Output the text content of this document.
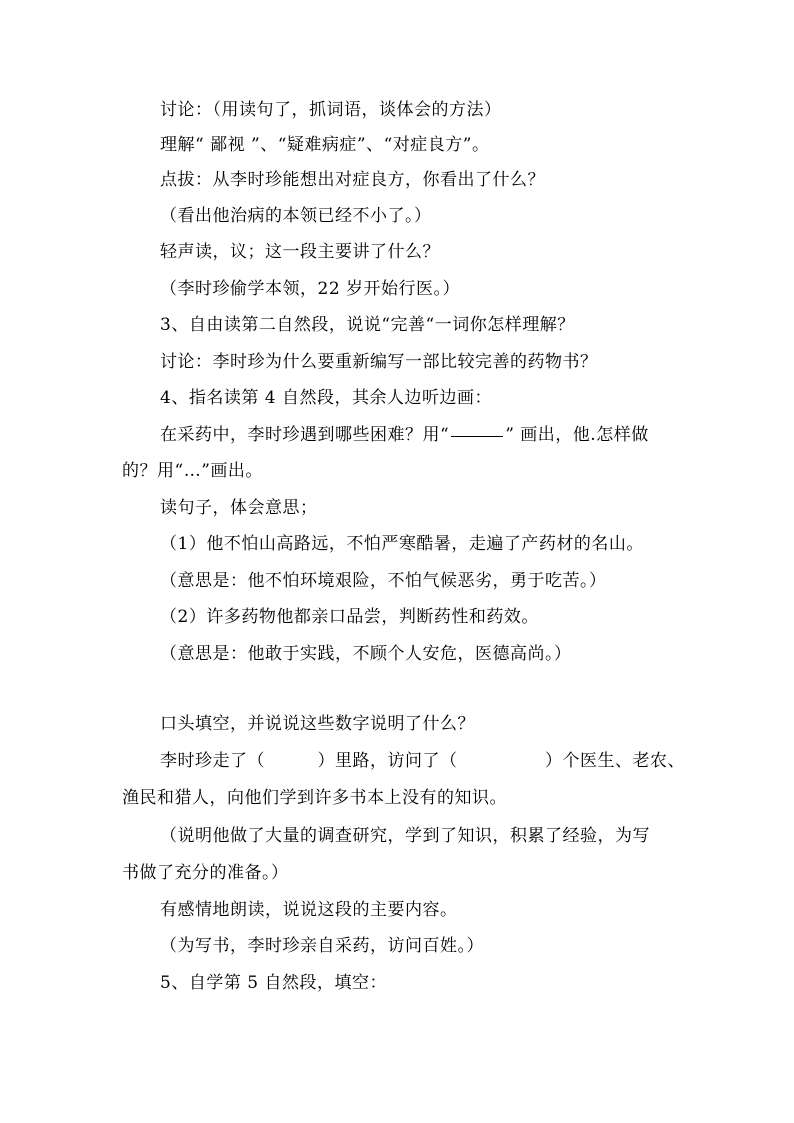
讨论：（用读句了，抓词语，谈体会的方法）
理解“ 鄙视 ”、“疑难病症”、“对症良方”。
点拔：从李时珍能想出对症良方，你看出了什么？
（看出他治病的本领已经不小了。）
轻声读，议；这一段主要讲了什么？
（李时珍偷学本领，22 岁开始行医。）
3、自由读第二自然段，说说“完善“一词你怎样理解？
讨论：李时珍为什么要重新编写一部比较完善的药物书？
4、指名读第 4 自然段，其余人边听边画：
在采药中，李时珍遇到哪些困难？用“	” 画出，他.怎样做
的？用“…”画出。
读句子，体会意思；
（1）他不怕山高路远，不怕严寒酷暑，走遍了产药材的名山。
（意思是：他不怕环境艰险，不怕气候恶劣，勇于吃苦。）
（2）许多药物他都亲口品尝，判断药性和药效。
（意思是：他敢于实践，不顾个人安危，医德高尚。）
口头填空，并说说这些数字说明了什么？
李时珍走了（　　　）里路，访问了（　　　　　）个医生、老农、
渔民和猎人，向他们学到许多书本上没有的知识。
（说明他做了大量的调查研究，学到了知识，积累了经验，为写
书做了充分的准备。）
有感情地朗读，说说这段的主要内容。
（为写书，李时珍亲自采药，访问百姓。）
5、自学第 5 自然段，填空：
